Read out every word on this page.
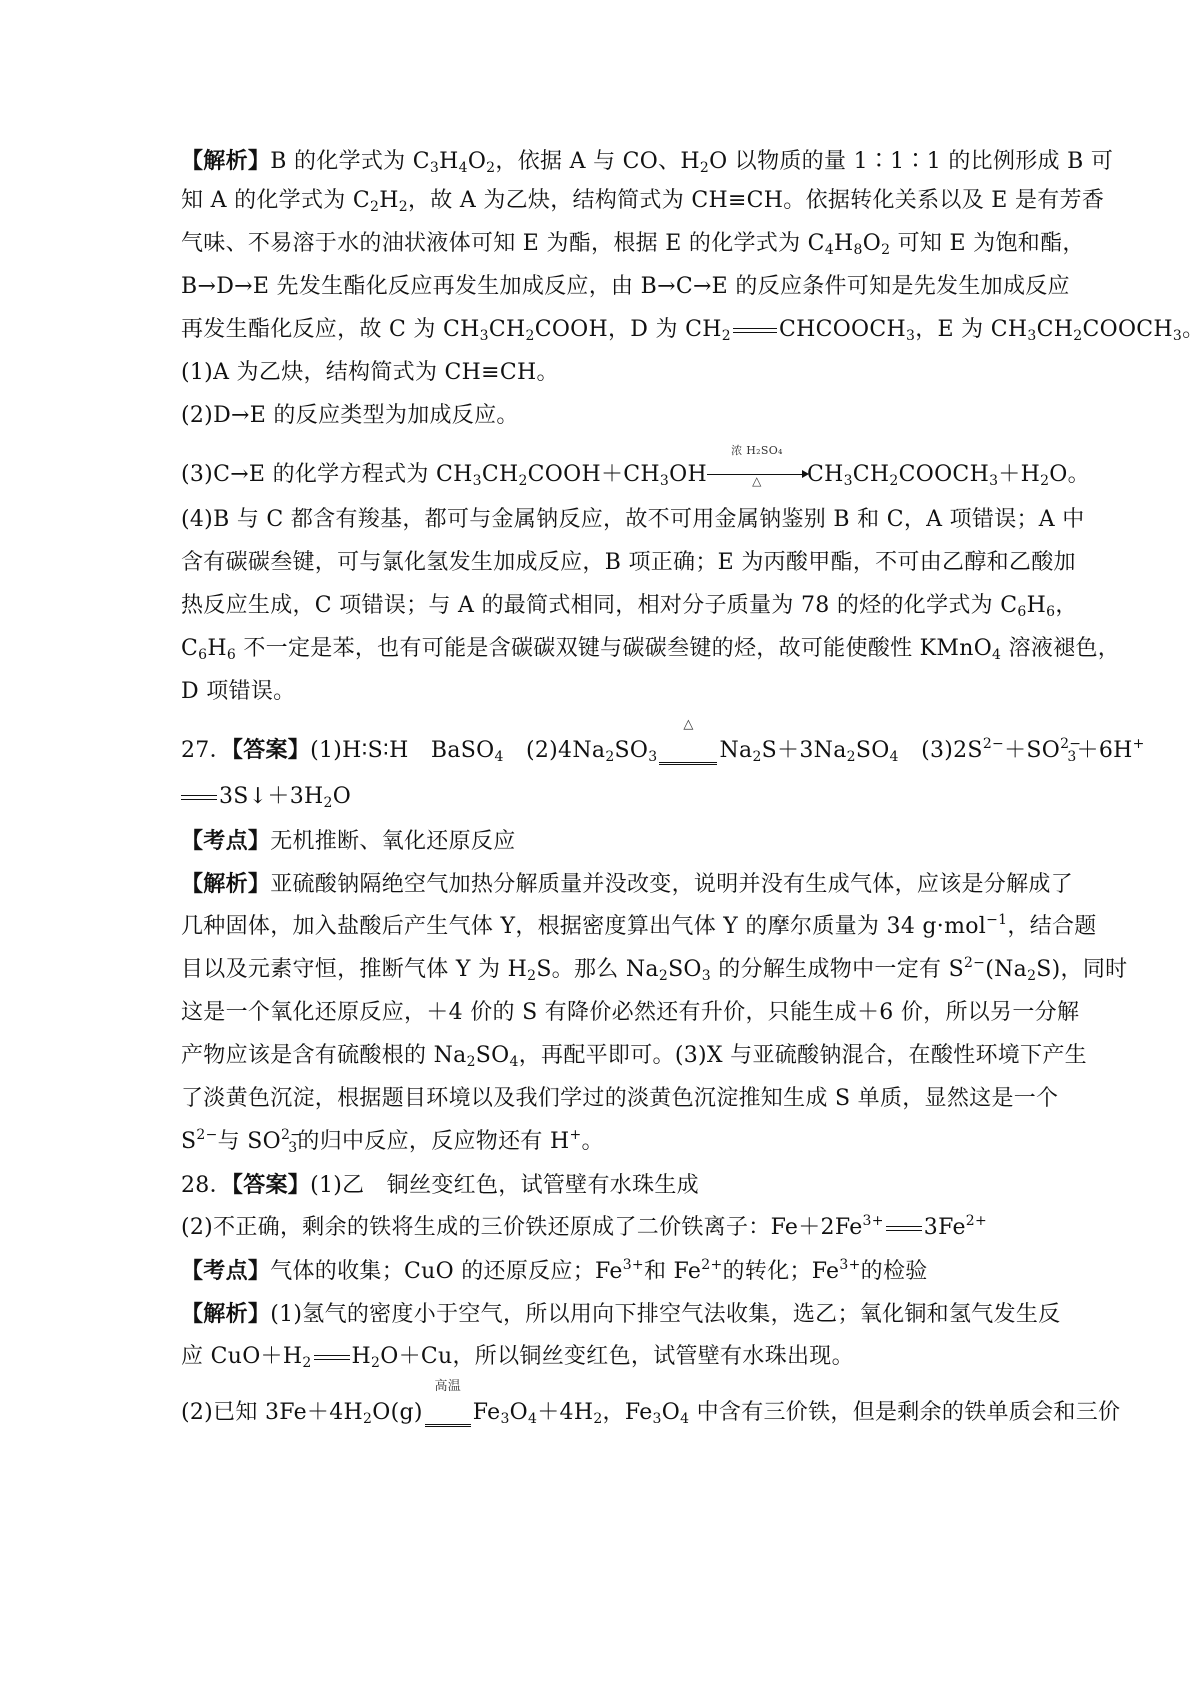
【解析】B 的化学式为 $C_3H_4O_2$，依据 A 与 CO、$H_2O$ 以物质的量 1∶1∶1 的比例形成 B 可
知 A 的化学式为 $C_2H_2$，故 A 为乙炔，结构简式为 CH≡CH。依据转化关系以及 E 是有芳香
气味、不易溶于水的油状液体可知 E 为酯，根据 E 的化学式为 $C_4H_8O_2$ 可知 E 为饱和酯，
B→D→E 先发生酯化反应再发生加成反应，由 B→C→E 的反应条件可知是先发生加成反应
再发生酯化反应，故 C 为 $CH_3CH_2COOH$，D 为 $CH_2$ $CHCOOCH_3$，E 为 $CH_3CH_2COOCH_3$。
(1)A 为乙炔，结构简式为 CH≡CH。
(2)D→E 的反应类型为加成反应。
(3)C→E 的化学方程式为 $CH_3CH_2COOH+CH_3OH$
浓 H₂SO₄
△	$CH_3CH_2COOCH_3+H_2O$。
(4)B 与 C 都含有羧基，都可与金属钠反应，故不可用金属钠鉴别 B 和 C，A 项错误；A 中
含有碳碳叁键，可与氯化氢发生加成反应，B 项正确；E 为丙酸甲酯，不可由乙醇和乙酸加
热反应生成，C 项错误；与 A 的最简式相同，相对分子质量为 78 的烃的化学式为 $C_6H_6$，
$C_6H_6$ 不一定是苯，也有可能是含碳碳双键与碳碳叁键的烃，故可能使酸性 KMnO$_4$ 溶液褪色，
D 项错误。
27．【答案】(1)H∶S∶H　BaSO$_4$　$(2)4Na_2SO_3$
△
$Na_2S+3Na_2SO_4$　$(3)2S^{2-}+SO^{2-}_3+6H^+$
$3S↓+3H_2O$
【考点】无机推断、氧化还原反应
【解析】亚硫酸钠隔绝空气加热分解质量并没改变，说明并没有生成气体，应该是分解成了
几种固体，加入盐酸后产生气体 Y，根据密度算出气体 Y 的摩尔质量为 34 g·mol$^{-1}$，结合题
目以及元素守恒，推断气体 Y 为 $H_2S$。那么 $Na_2SO_3$ 的分解生成物中一定有 $S^{2-}(Na_2S)$，同时
这是一个氧化还原反应，＋4 价的 S 有降价必然还有升价，只能生成＋6 价，所以另一分解
产物应该是含有硫酸根的 $Na_2SO_4$，再配平即可。(3)X 与亚硫酸钠混合，在酸性环境下产生
了淡黄色沉淀，根据题目环境以及我们学过的淡黄色沉淀推知生成 S 单质，显然这是一个
$S^{2-}$与 $SO^{2-}_3$的归中反应，反应物还有 H+。
28．【答案】(1)乙　铜丝变红色，试管壁有水珠生成
(2)不正确，剩余的铁将生成的三价铁还原成了二价铁离子：$Fe+2Fe^{3+}$ $3Fe^{2+}$
【考点】气体的收集；CuO 的还原反应；$Fe^{3+}$和 $Fe^{2+}$的转化；$Fe^{3+}$的检验
【解析】(1)氢气的密度小于空气，所以用向下排空气法收集，选乙；氧化铜和氢气发生反
应 $CuO+H_2$ $H_2O+Cu$，所以铜丝变红色，试管壁有水珠出现。
(2)已知 $3Fe+4H_2O(g)$
高温
$Fe_3O_4+4H_2$，$Fe_3O_4$ 中含有三价铁，但是剩余的铁单质会和三价
